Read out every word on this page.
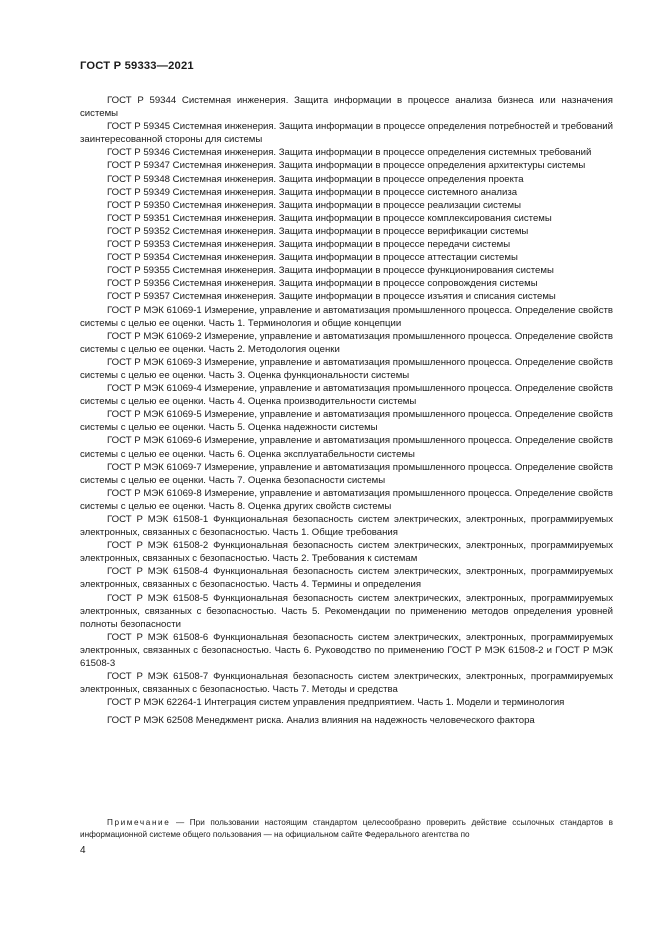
ГОСТ Р 59333—2021

ГОСТ Р 59344 Системная инженерия. Защита информации в процессе анализа бизнеса или назначения системы

ГОСТ Р 59345 Системная инженерия. Защита информации в процессе определения потребностей и требований заинтересованной стороны для системы

ГОСТ Р 59346 Системная инженерия. Защита информации в процессе определения системных требований

ГОСТ Р 59347 Системная инженерия. Защита информации в процессе определения архитектуры системы

ГОСТ Р 59348 Системная инженерия. Защита информации в процессе определения проекта

ГОСТ Р 59349 Системная инженерия. Защита информации в процессе системного анализа

ГОСТ Р 59350 Системная инженерия. Защита информации в процессе реализации системы

ГОСТ Р 59351 Системная инженерия. Защита информации в процессе комплексирования системы

ГОСТ Р 59352 Системная инженерия. Защита информации в процессе верификации системы

ГОСТ Р 59353 Системная инженерия. Защита информации в процессе передачи системы

ГОСТ Р 59354 Системная инженерия. Защита информации в процессе аттестации системы

ГОСТ Р 59355 Системная инженерия. Защита информации в процессе функционирования системы

ГОСТ Р 59356 Системная инженерия. Защита информации в процессе сопровождения системы

ГОСТ Р 59357 Системная инженерия. Защите информации в процессе изъятия и списания системы

ГОСТ Р МЭК 61069-1 Измерение, управление и автоматизация промышленного процесса. Определение свойств системы с целью ее оценки. Часть 1. Терминология и общие концепции

ГОСТ Р МЭК 61069-2 Измерение, управление и автоматизация промышленного процесса. Определение свойств системы с целью ее оценки. Часть 2. Методология оценки

ГОСТ Р МЭК 61069-3 Измерение, управление и автоматизация промышленного процесса. Определение свойств системы с целью ее оценки. Часть 3. Оценка функциональности системы

ГОСТ Р МЭК 61069-4 Измерение, управление и автоматизация промышленного процесса. Определение свойств системы с целью ее оценки. Часть 4. Оценка производительности системы

ГОСТ Р МЭК 61069-5 Измерение, управление и автоматизация промышленного процесса. Определение свойств системы с целью ее оценки. Часть 5. Оценка надежности системы

ГОСТ Р МЭК 61069-6 Измерение, управление и автоматизация промышленного процесса. Определение свойств системы с целью ее оценки. Часть 6. Оценка эксплуатабельности системы

ГОСТ Р МЭК 61069-7 Измерение, управление и автоматизация промышленного процесса. Определение свойств системы с целью ее оценки. Часть 7. Оценка безопасности системы

ГОСТ Р МЭК 61069-8 Измерение, управление и автоматизация промышленного процесса. Определение свойств системы с целью ее оценки. Часть 8. Оценка других свойств системы

ГОСТ Р МЭК 61508-1 Функциональная безопасность систем электрических, электронных, программируемых электронных, связанных с безопасностью. Часть 1. Общие требования

ГОСТ Р МЭК 61508-2 Функциональная безопасность систем электрических, электронных, программируемых электронных, связанных с безопасностью. Часть 2. Требования к системам

ГОСТ Р МЭК 61508-4 Функциональная безопасность систем электрических, электронных, программируемых электронных, связанных с безопасностью. Часть 4. Термины и определения

ГОСТ Р МЭК 61508-5 Функциональная безопасность систем электрических, электронных, программируемых электронных, связанных с безопасностью. Часть 5. Рекомендации по применению методов определения уровней полноты безопасности

ГОСТ Р МЭК 61508-6 Функциональная безопасность систем электрических, электронных, программируемых электронных, связанных с безопасностью. Часть 6. Руководство по применению ГОСТ Р МЭК 61508-2 и ГОСТ Р МЭК 61508-3

ГОСТ Р МЭК 61508-7 Функциональная безопасность систем электрических, электронных, программируемых электронных, связанных с безопасностью. Часть 7. Методы и средства

ГОСТ Р МЭК 62264-1 Интеграция систем управления предприятием. Часть 1. Модели и терминология

ГОСТ Р МЭК 62508 Менеджмент риска. Анализ влияния на надежность человеческого фактора

Примечание — При пользовании настоящим стандартом целесообразно проверить действие ссылочных стандартов в информационной системе общего пользования — на официальном сайте Федерального агентства по

4
